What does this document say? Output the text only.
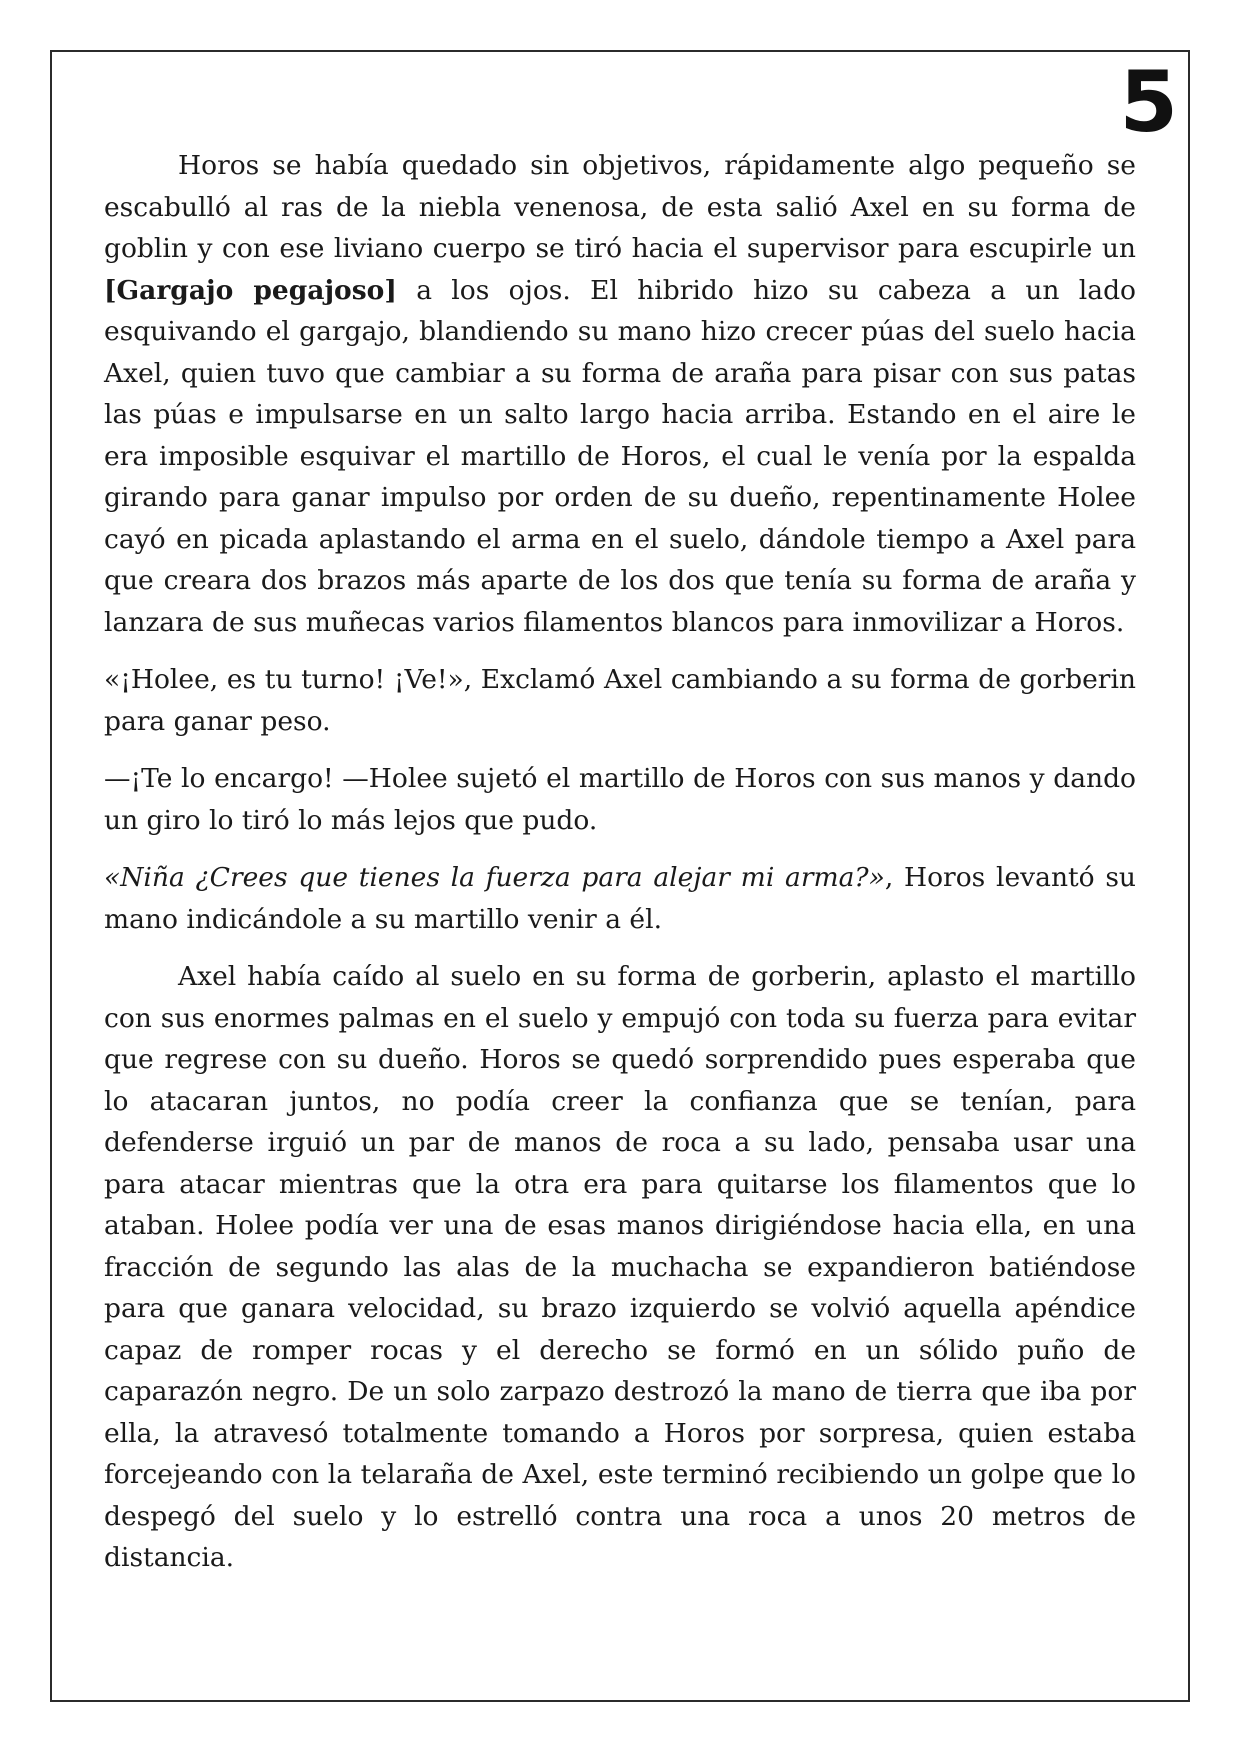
5

Horos se había quedado sin objetivos, rápidamente algo pequeño se escabulló al ras de la niebla venenosa, de esta salió Axel en su forma de goblin y con ese liviano cuerpo se tiró hacia el supervisor para escupirle un [Gargajo pegajoso] a los ojos. El hibrido hizo su cabeza a un lado esquivando el gargajo, blandiendo su mano hizo crecer púas del suelo hacia Axel, quien tuvo que cambiar a su forma de araña para pisar con sus patas las púas e impulsarse en un salto largo hacia arriba. Estando en el aire le era imposible esquivar el martillo de Horos, el cual le venía por la espalda girando para ganar impulso por orden de su dueño, repentinamente Holee cayó en picada aplastando el arma en el suelo, dándole tiempo a Axel para que creara dos brazos más aparte de los dos que tenía su forma de araña y lanzara de sus muñecas varios filamentos blancos para inmovilizar a Horos.

«¡Holee, es tu turno! ¡Ve!», Exclamó Axel cambiando a su forma de gorberin para ganar peso.

—¡Te lo encargo! —Holee sujetó el martillo de Horos con sus manos y dando un giro lo tiró lo más lejos que pudo.

«Niña ¿Crees que tienes la fuerza para alejar mi arma?», Horos levantó su mano indicándole a su martillo venir a él.

Axel había caído al suelo en su forma de gorberin, aplasto el martillo con sus enormes palmas en el suelo y empujó con toda su fuerza para evitar que regrese con su dueño. Horos se quedó sorprendido pues esperaba que lo atacaran juntos, no podía creer la confianza que se tenían, para defenderse irguió un par de manos de roca a su lado, pensaba usar una para atacar mientras que la otra era para quitarse los filamentos que lo ataban. Holee podía ver una de esas manos dirigiéndose hacia ella, en una fracción de segundo las alas de la muchacha se expandieron batiéndose para que ganara velocidad, su brazo izquierdo se volvió aquella apéndice capaz de romper rocas y el derecho se formó en un sólido puño de caparazón negro. De un solo zarpazo destrozó la mano de tierra que iba por ella, la atravesó totalmente tomando a Horos por sorpresa, quien estaba forcejeando con la telaraña de Axel, este terminó recibiendo un golpe que lo despegó del suelo y lo estrelló contra una roca a unos 20 metros de distancia.
